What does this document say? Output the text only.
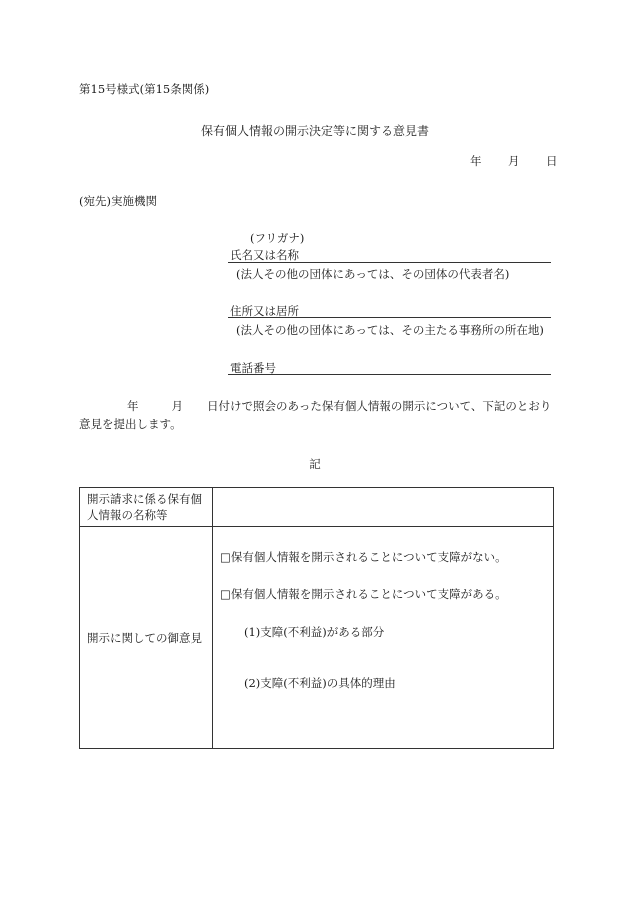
第15号様式(第15条関係)
保有個人情報の開示決定等に関する意見書
年	月	日
(宛先)実施機関
(フリガナ)
氏名又は名称
(法人その他の団体にあっては、その団体の代表者名)
住所又は居所
(法人その他の団体にあっては、その主たる事務所の所在地)
電話番号
年	月 日付けで照会のあった保有個人情報の開示について、下記のとおり
意見を提出します。
記
開示請求に係る保有個人情報の名称等	
開示に関しての御意見	□保有個人情報を開示されることについて支障がない。
□保有個人情報を開示されることについて支障がある。
(1)支障(不利益)がある部分
(2)支障(不利益)の具体的理由
